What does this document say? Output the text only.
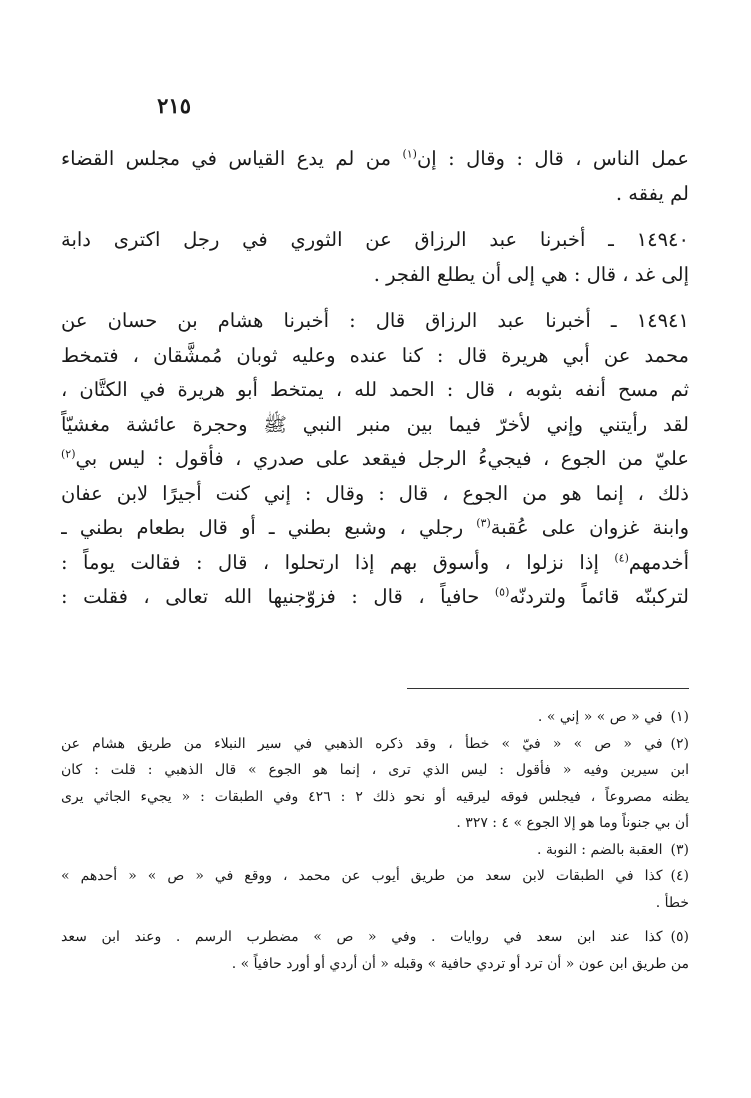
٢١٥
عمل الناس ، قال : وقال : إن$^{(١)}$ من لم يدع القياس في مجلس القضاء
لم يفقه .
١٤٩٤٠ ـ أخبرنا عبد الرزاق عن الثوري في رجل اكترى دابة
إلى غد ، قال : هي إلى أن يطلع الفجر .
١٤٩٤١ ـ أخبرنا عبد الرزاق قال : أخبرنا هشام بن حسان عن
محمد عن أبي هريرة قال : كنا عنده وعليه ثوبان مُمشَّقان ، فتمخط
ثم مسح أنفه بثوبه ، قال : الحمد لله ، يمتخط أبو هريرة في الكتَّان ،
لقد رأيتني وإني لأخرّ فيما بين منبر النبي ﷺ وحجرة عائشة مغشيّاً
عليّ من الجوع ، فيجيءُ الرجل فيقعد على صدري ، فأقول : ليس بي$^{(٢)}$
ذلك ، إنما هو من الجوع ، قال : وقال : إني كنت أجيرًا لابن عفان
وابنة غزوان على عُقبة$^{(٣)}$ رجلي ، وشبع بطني ـ أو قال بطعام بطني ـ
أخدمهم$^{(٤)}$ إذا نزلوا ، وأسوق بهم إذا ارتحلوا ، قال : فقالت يوماً :
لتركبنّه قائماً ولتردنّه$^{(٥)}$ حافياً ، قال : فزوّجنيها الله تعالى ، فقلت :
(١)في « ص » « إني » .
(٢)في « ص » « فيّ » خطأ ، وقد ذكره الذهبي في سير النبلاء من طريق هشام عن
ابن سيرين وفيه « فأقول : ليس الذي ترى ، إنما هو الجوع » قال الذهبي : قلت : كان
يظنه مصروعاً ، فيجلس فوقه ليرقيه أو نحو ذلك ٢ : ٤٢٦ وفي الطبقات : « يجيء الجاثي يرى
أن بي جنوناً وما هو إلا الجوع » ٤ : ٣٢٧ .
(٣)العقبة بالضم : النوبة .
(٤)كذا في الطبقات لابن سعد من طريق أيوب عن محمد ، ووقع في « ص » « أحدهم »
خطأ .
(٥)كذا عند ابن سعد في روايات . وفي « ص » مضطرب الرسم . وعند ابن سعد
من طريق ابن عون « أن ترد أو تردي حافية » وقبله « أن أردي أو أورد حافياً » .
